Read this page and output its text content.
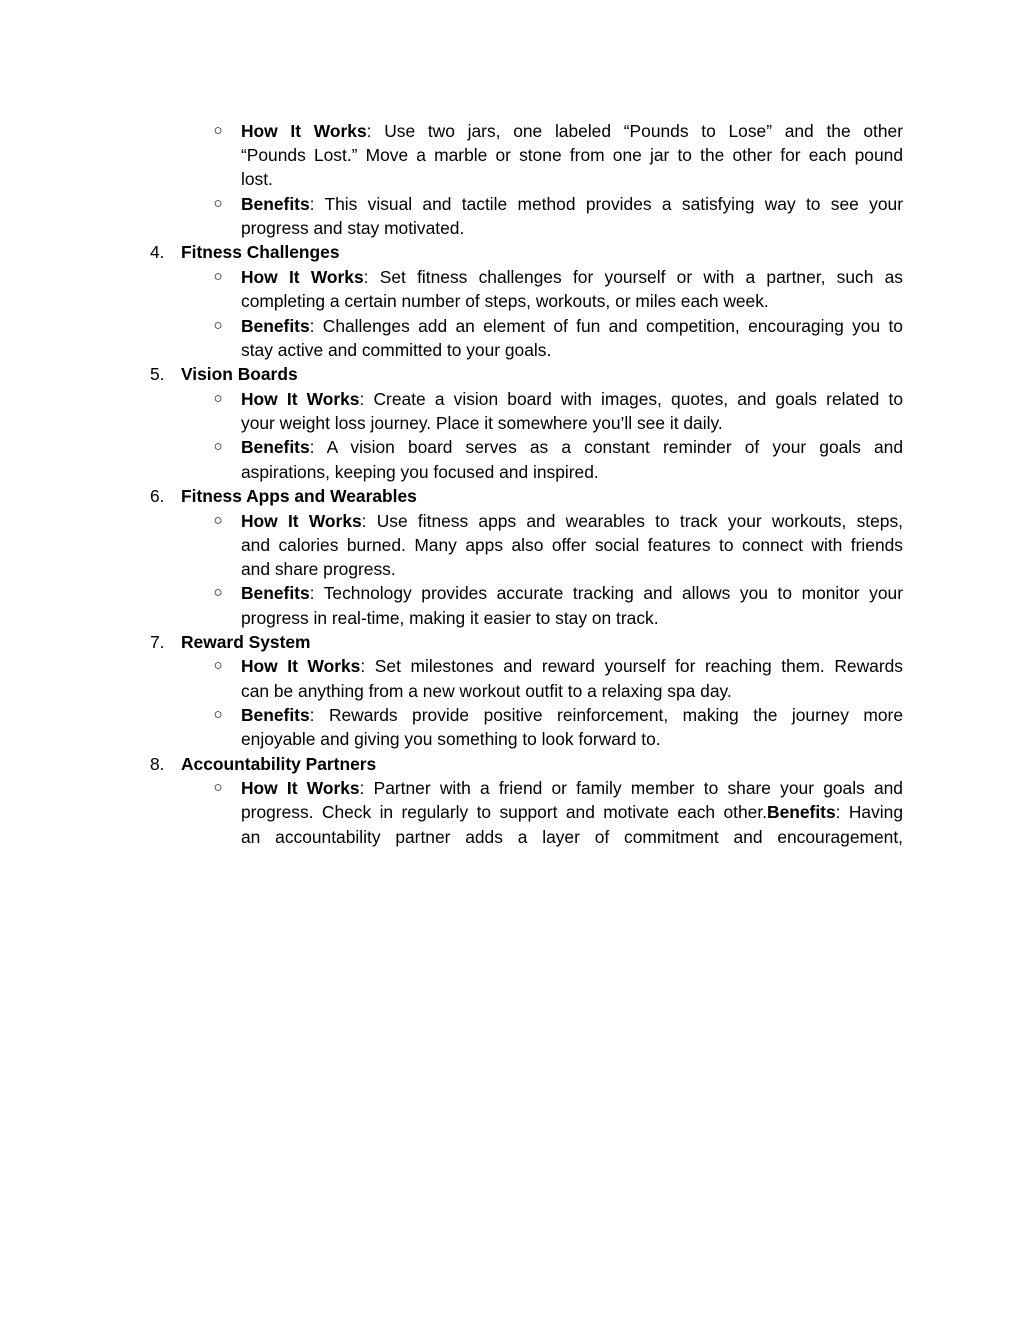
○ How It Works: Use two jars, one labeled “Pounds to Lose” and the other
“Pounds Lost.” Move a marble or stone from one jar to the other for each pound
lost.
○ Benefits: This visual and tactile method provides a satisfying way to see your
progress and stay motivated.
4. Fitness Challenges
○ How It Works: Set fitness challenges for yourself or with a partner, such as
completing a certain number of steps, workouts, or miles each week.
○ Benefits: Challenges add an element of fun and competition, encouraging you to
stay active and committed to your goals.
5. Vision Boards
○ How It Works: Create a vision board with images, quotes, and goals related to
your weight loss journey. Place it somewhere you’ll see it daily.
○ Benefits: A vision board serves as a constant reminder of your goals and
aspirations, keeping you focused and inspired.
6. Fitness Apps and Wearables
○ How It Works: Use fitness apps and wearables to track your workouts, steps,
and calories burned. Many apps also offer social features to connect with friends
and share progress.
○ Benefits: Technology provides accurate tracking and allows you to monitor your
progress in real-time, making it easier to stay on track.
7. Reward System
○ How It Works: Set milestones and reward yourself for reaching them. Rewards
can be anything from a new workout outfit to a relaxing spa day.
○ Benefits: Rewards provide positive reinforcement, making the journey more
enjoyable and giving you something to look forward to.
8. Accountability Partners
○ How It Works: Partner with a friend or family member to share your goals and
progress. Check in regularly to support and motivate each other.Benefits: Having
an accountability partner adds a layer of commitment and encouragement,
